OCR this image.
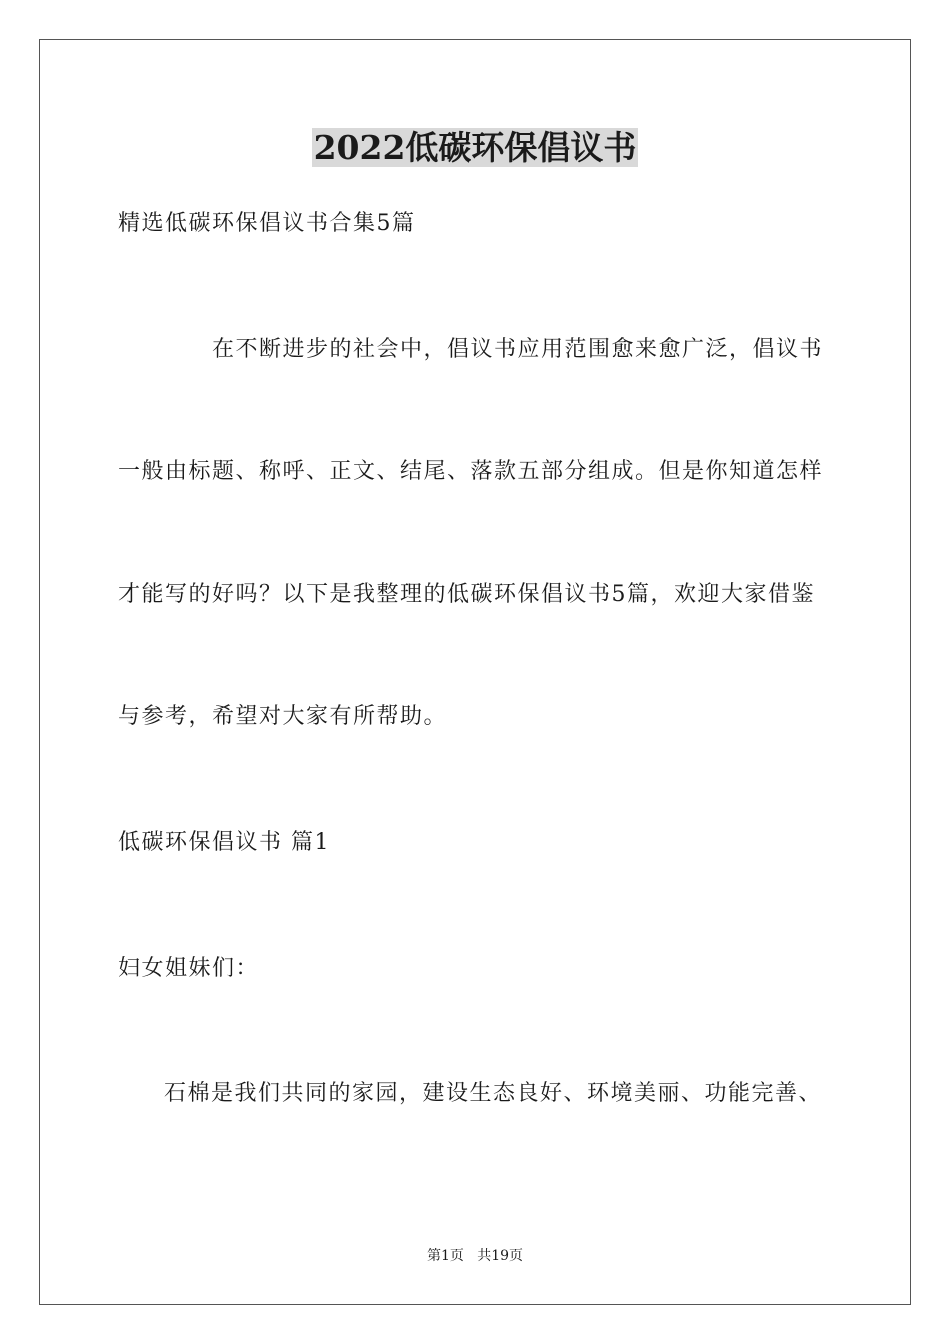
2022低碳环保倡议书
精选低碳环保倡议书合集5篇
在不断进步的社会中，倡议书应用范围愈来愈广泛，倡议书
一般由标题、称呼、正文、结尾、落款五部分组成。但是你知道怎样
才能写的好吗？以下是我整理的低碳环保倡议书5篇，欢迎大家借鉴
与参考，希望对大家有所帮助。
低碳环保倡议书 篇1
妇女姐妹们：
石棉是我们共同的家园，建设生态良好、环境美丽、功能完善、
第1页   共19页
